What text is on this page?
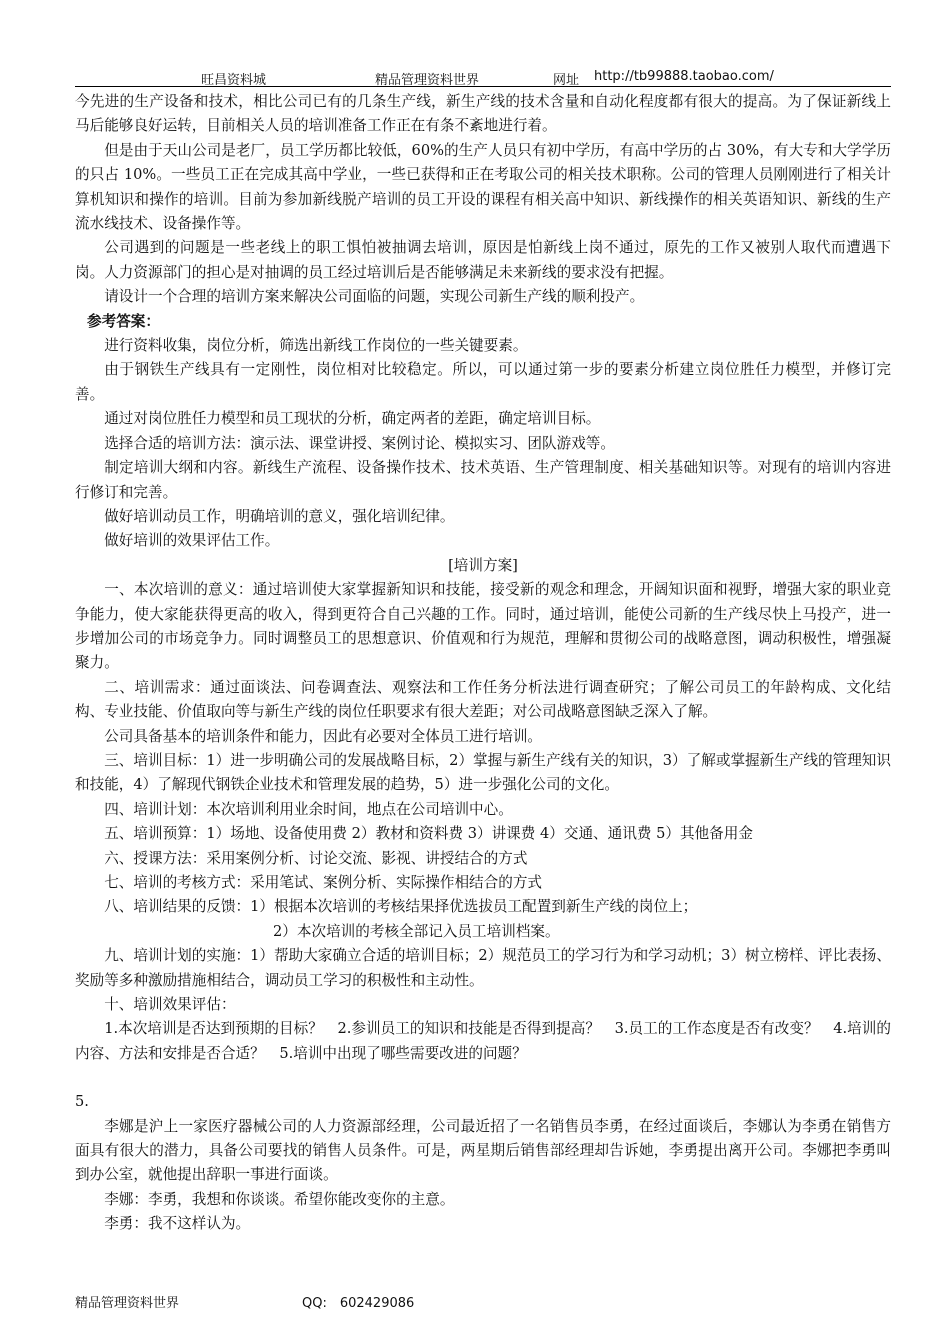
旺昌资料城	精品管理资料世界	网址 http://tb99888.taobao.com/

今先进的生产设备和技术，相比公司已有的几条生产线，新生产线的技术含量和自动化程度都有很大的提高。为了保证新线上马后能够良好运转，目前相关人员的培训准备工作正在有条不紊地进行着。

但是由于天山公司是老厂，员工学历都比较低，60%的生产人员只有初中学历，有高中学历的占 30%，有大专和大学学历的只占 10%。一些员工正在完成其高中学业，一些已获得和正在考取公司的相关技术职称。公司的管理人员刚刚进行了相关计算机知识和操作的培训。目前为参加新线脱产培训的员工开设的课程有相关高中知识、新线操作的相关英语知识、新线的生产流水线技术、设备操作等。

公司遇到的问题是一些老线上的职工惧怕被抽调去培训，原因是怕新线上岗不通过，原先的工作又被别人取代而遭遇下岗。人力资源部门的担心是对抽调的员工经过培训后是否能够满足未来新线的要求没有把握。

请设计一个合理的培训方案来解决公司面临的问题，实现公司新生产线的顺利投产。

参考答案：

进行资料收集，岗位分析，筛选出新线工作岗位的一些关键要素。

由于钢铁生产线具有一定刚性，岗位相对比较稳定。所以，可以通过第一步的要素分析建立岗位胜任力模型，并修订完善。

通过对岗位胜任力模型和员工现状的分析，确定两者的差距，确定培训目标。

选择合适的培训方法：演示法、课堂讲授、案例讨论、模拟实习、团队游戏等。

制定培训大纲和内容。新线生产流程、设备操作技术、技术英语、生产管理制度、相关基础知识等。对现有的培训内容进行修订和完善。

做好培训动员工作，明确培训的意义，强化培训纪律。

做好培训的效果评估工作。

[培训方案]

一、本次培训的意义：通过培训使大家掌握新知识和技能，接受新的观念和理念，开阔知识面和视野，增强大家的职业竞争能力，使大家能获得更高的收入，得到更符合自己兴趣的工作。同时，通过培训，能使公司新的生产线尽快上马投产，进一步增加公司的市场竞争力。同时调整员工的思想意识、价值观和行为规范，理解和贯彻公司的战略意图，调动积极性，增强凝聚力。

二、培训需求：通过面谈法、问卷调查法、观察法和工作任务分析法进行调查研究；了解公司员工的年龄构成、文化结构、专业技能、价值取向等与新生产线的岗位任职要求有很大差距；对公司战略意图缺乏深入了解。

公司具备基本的培训条件和能力，因此有必要对全体员工进行培训。

三、培训目标：1）进一步明确公司的发展战略目标，2）掌握与新生产线有关的知识，3）了解或掌握新生产线的管理知识和技能，4）了解现代钢铁企业技术和管理发展的趋势，5）进一步强化公司的文化。

四、培训计划：本次培训利用业余时间，地点在公司培训中心。

五、培训预算：1）场地、设备使用费 2）教材和资料费 3）讲课费 4）交通、通讯费 5）其他备用金

六、授课方法：采用案例分析、讨论交流、影视、讲授结合的方式

七、培训的考核方式：采用笔试、案例分析、实际操作相结合的方式

八、培训结果的反馈：1）根据本次培训的考核结果择优选拔员工配置到新生产线的岗位上；

2）本次培训的考核全部记入员工培训档案。

九、培训计划的实施：1）帮助大家确立合适的培训目标；2）规范员工的学习行为和学习动机；3）树立榜样、评比表扬、奖励等多种激励措施相结合，调动员工学习的积极性和主动性。

十、培训效果评估：

1.本次培训是否达到预期的目标？　2.参训员工的知识和技能是否得到提高？　3.员工的工作态度是否有改变？　4.培训的内容、方法和安排是否合适？　5.培训中出现了哪些需要改进的问题？

5.

李娜是沪上一家医疗器械公司的人力资源部经理，公司最近招了一名销售员李勇，在经过面谈后，李娜认为李勇在销售方面具有很大的潜力，具备公司要找的销售人员条件。可是，两星期后销售部经理却告诉她，李勇提出离开公司。李娜把李勇叫到办公室，就他提出辞职一事进行面谈。

李娜：李勇，我想和你谈谈。希望你能改变你的主意。

李勇：我不这样认为。

精品管理资料世界	QQ:　602429086
